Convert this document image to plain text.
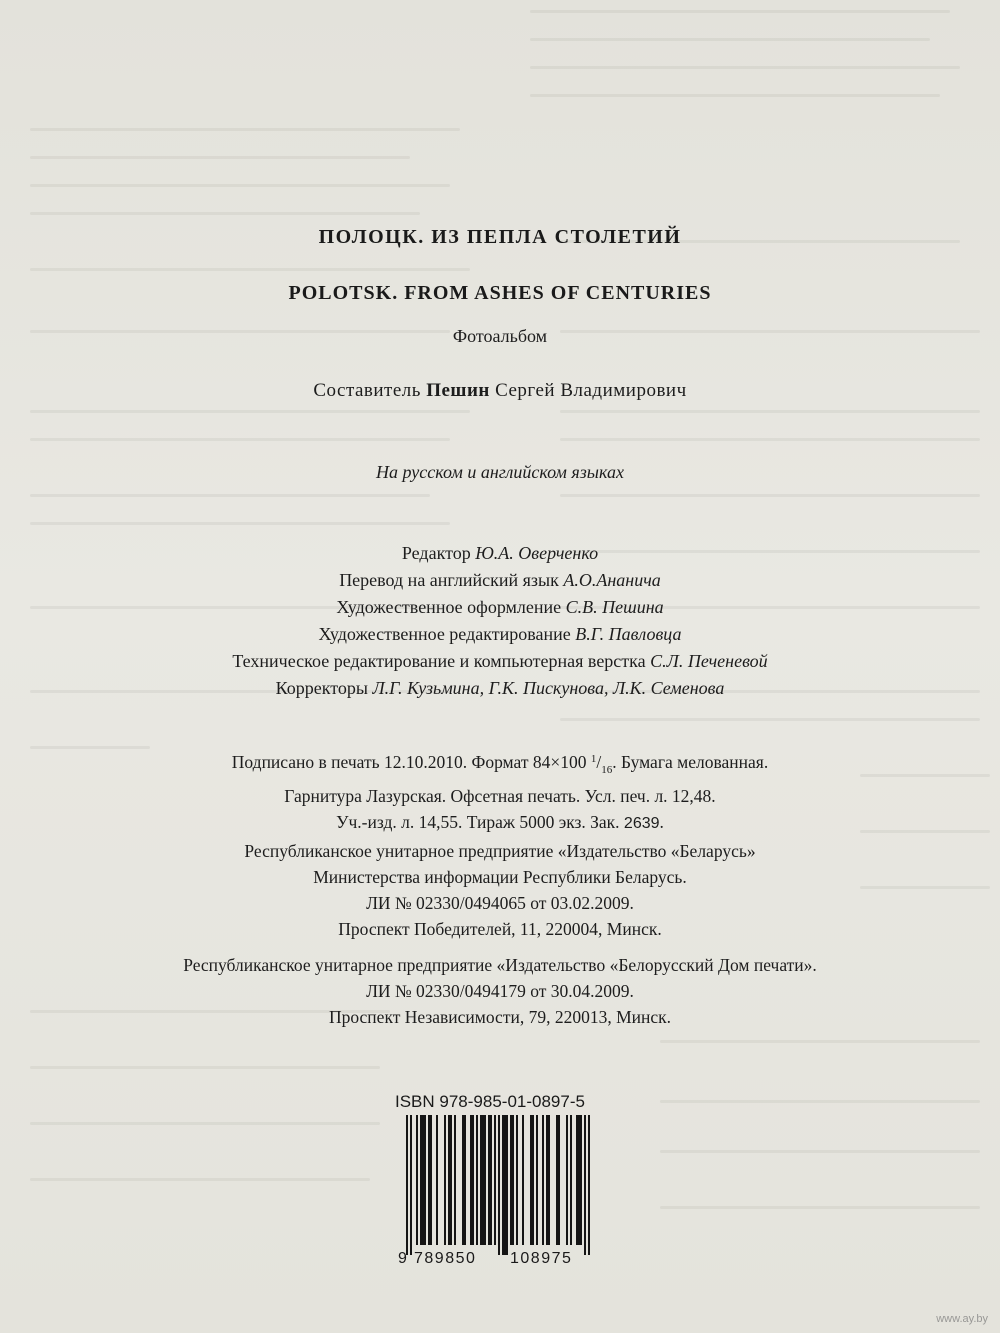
ПОЛОЦК. ИЗ ПЕПЛА СТОЛЕТИЙ
POLOTSK. FROM ASHES OF CENTURIES
Фотоальбом
Составитель Пешин Сергей Владимирович
На русском и английском языках
Редактор Ю.А. Оверченко
Перевод на английский язык А.О.Ананича
Художественное оформление С.В. Пешина
Художественное редактирование В.Г. Павловца
Техническое редактирование и компьютерная верстка С.Л. Печеневой
Корректоры Л.Г. Кузьмина, Г.К. Пискунова, Л.К. Семенова
Подписано в печать 12.10.2010. Формат 84×100 $^1/_{16}$. Бумага мелованная.
Гарнитура Лазурская. Офсетная печать. Усл. печ. л. 12,48.
Уч.-изд. л. 14,55. Тираж 5000 экз. Зак. 2639.
Республиканское унитарное предприятие «Издательство «Беларусь»
Министерства информации Республики Беларусь.
ЛИ № 02330/0494065 от 03.02.2009.
Проспект Победителей, 11, 220004, Минск.
Республиканское унитарное предприятие «Издательство «Белорусский Дом печати».
ЛИ № 02330/0494179 от 30.04.2009.
Проспект Независимости, 79, 220013, Минск.
ISBN 978-985-01-0897-5
9 789850 108975
www.ay.by
